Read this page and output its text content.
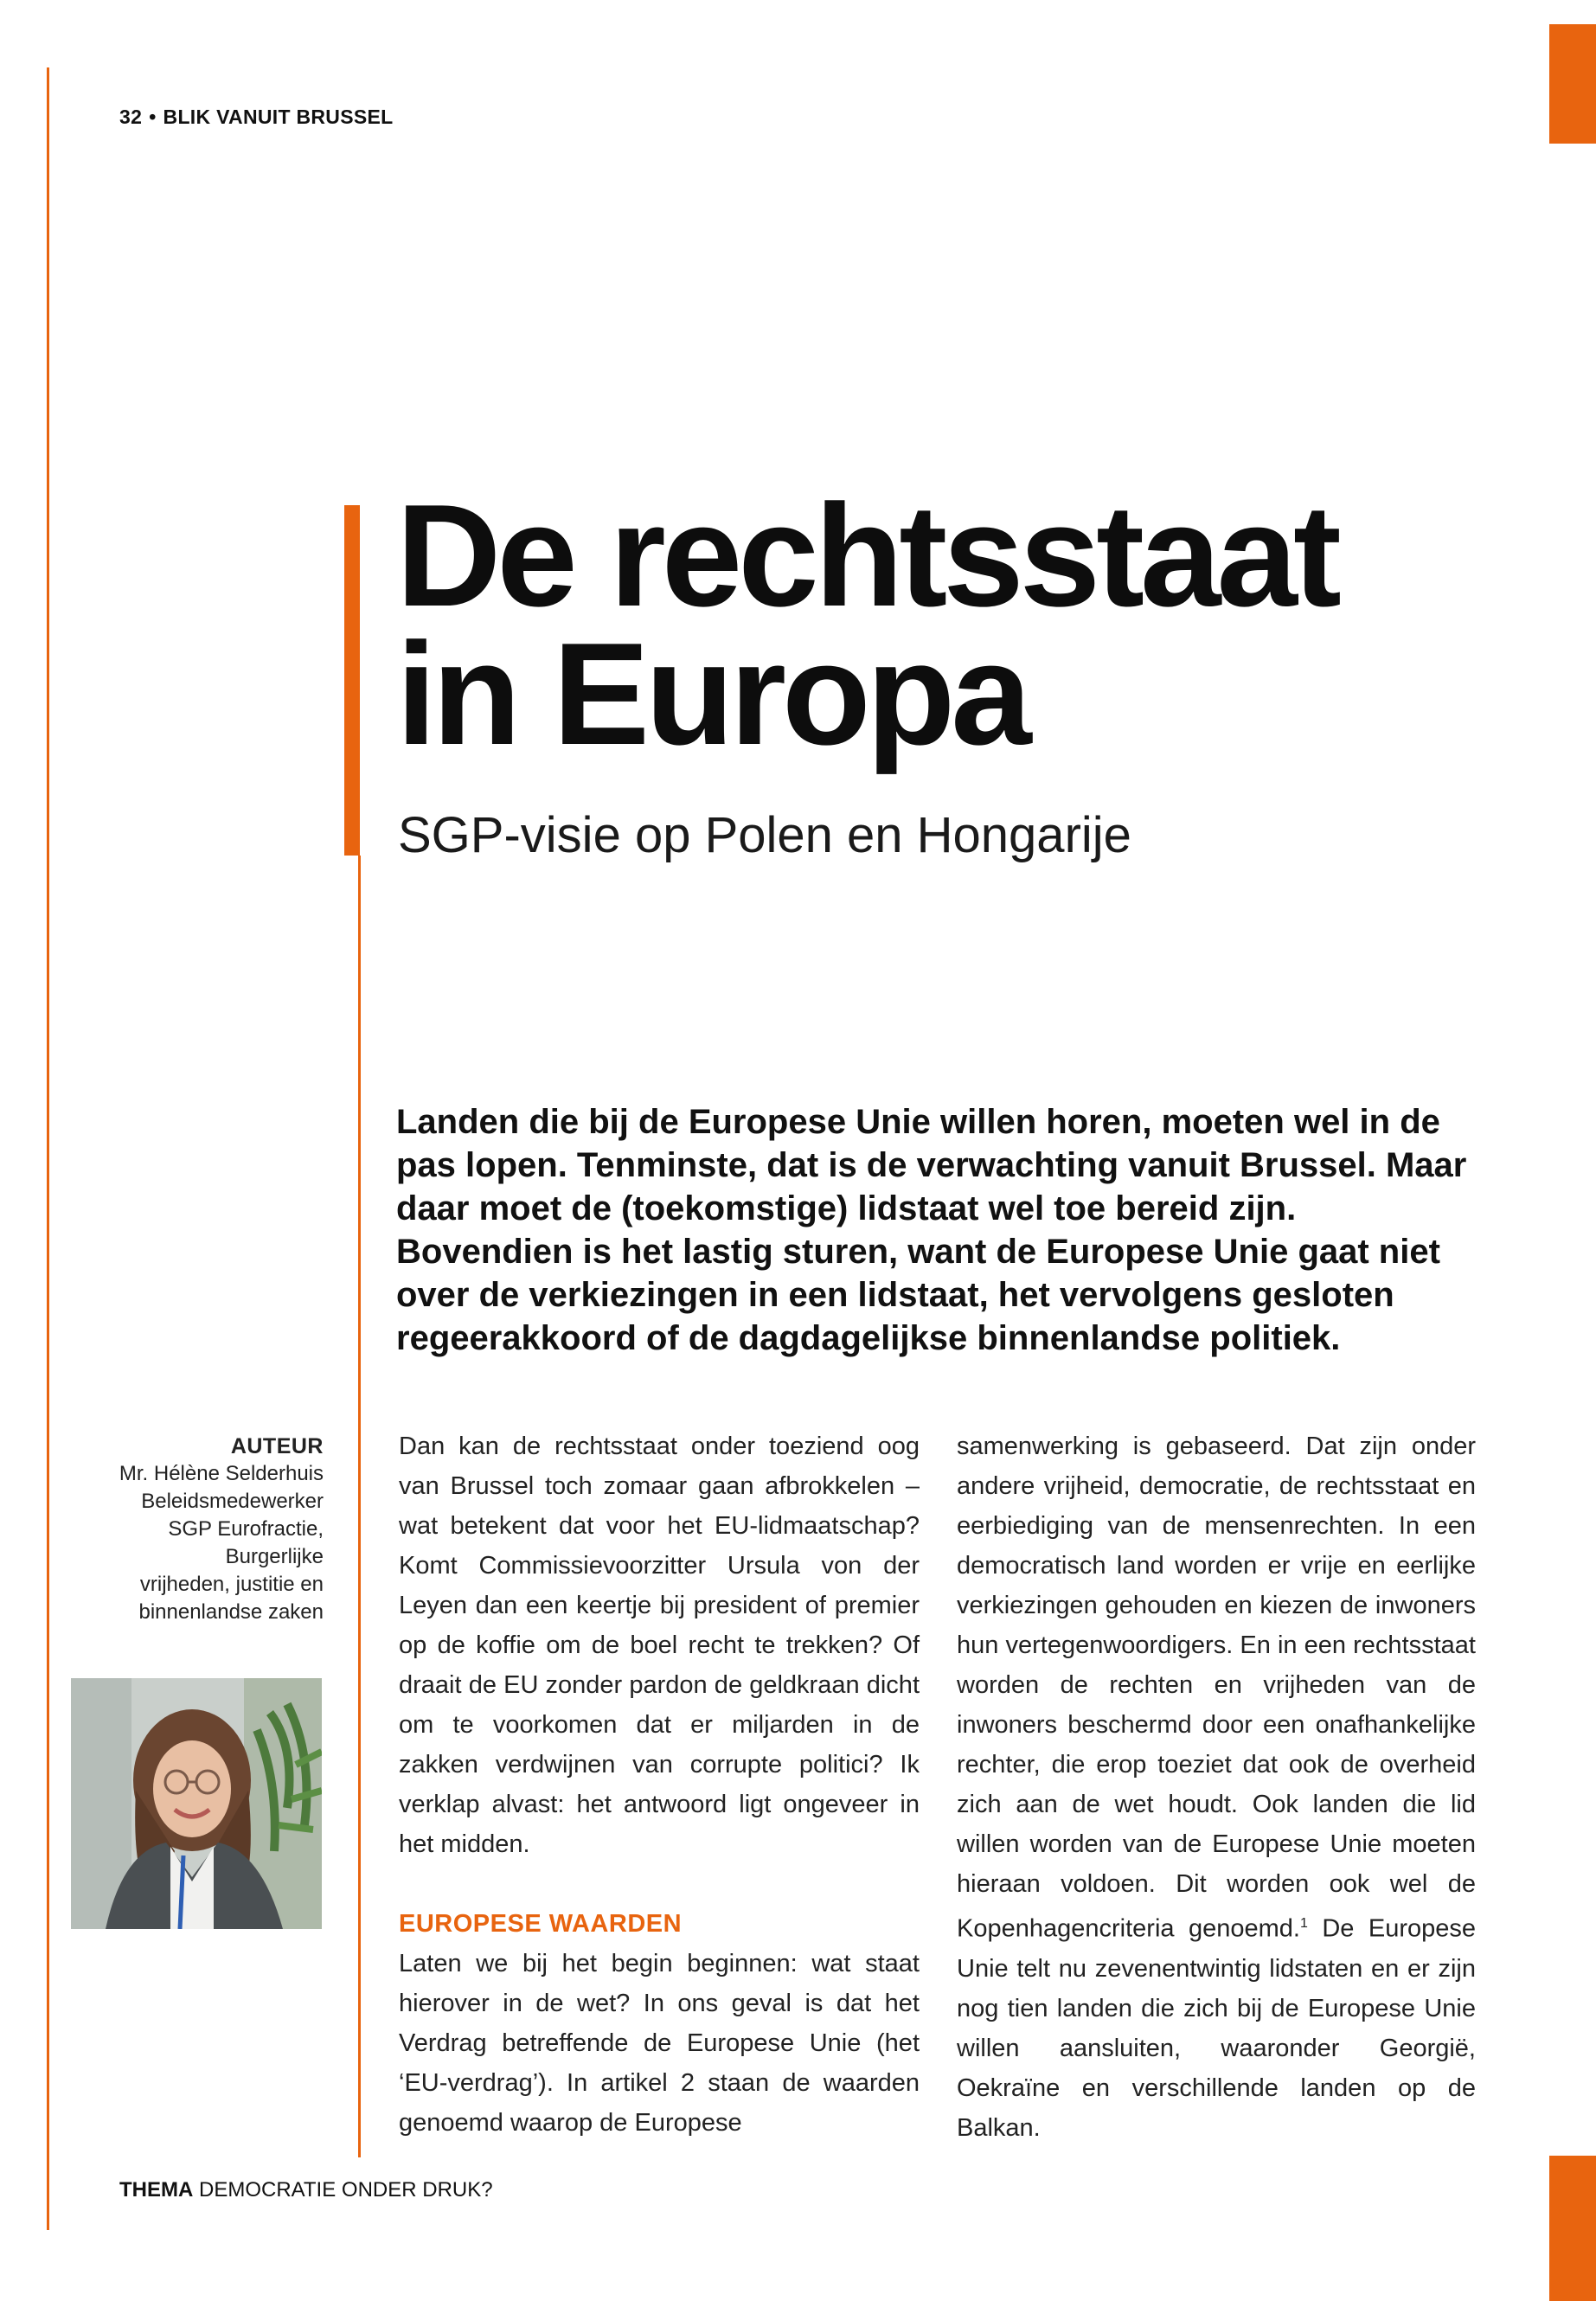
32 • BLIK VANUIT BRUSSEL
De rechtsstaat
in Europa
SGP-visie op Polen en Hongarije
Landen die bij de Europese Unie willen horen, moeten wel in de pas lopen. Tenminste, dat is de verwachting vanuit Brussel. Maar daar moet de (toekomstige) lidstaat wel toe bereid zijn. Bovendien is het lastig sturen, want de Europese Unie gaat niet over de verkiezingen in een lidstaat, het vervolgens gesloten regeerakkoord of de dagdagelijkse binnenlandse politiek.
AUTEUR
Mr. Hélène Selderhuis
Beleidsmedewerker
SGP Eurofractie,
Burgerlijke
vrijheden, justitie en
binnenlandse zaken

Dan kan de rechtsstaat onder toeziend oog van Brussel toch zomaar gaan afbrokkelen – wat betekent dat voor het EU-lidmaatschap? Komt Commissievoorzitter Ursula von der Leyen dan een keertje bij president of premier op de koffie om de boel recht te trekken? Of draait de EU zonder pardon de geldkraan dicht om te voorkomen dat er miljarden in de zakken verdwijnen van corrupte politici? Ik verklap alvast: het antwoord ligt ongeveer in het midden.

EUROPESE WAARDEN
Laten we bij het begin beginnen: wat staat hierover in de wet? In ons geval is dat het Verdrag betreffende de Europese Unie (het ‘EU-verdrag’). In artikel 2 staan de waarden genoemd waarop de Europese

samenwerking is gebaseerd. Dat zijn onder andere vrijheid, democratie, de rechtsstaat en eerbiediging van de mensenrechten. In een democratisch land worden er vrije en eerlijke verkiezingen gehouden en kiezen de inwoners hun vertegenwoordigers. En in een rechtsstaat worden de rechten en vrijheden van de inwoners beschermd door een onafhankelijke rechter, die erop toeziet dat ook de overheid zich aan de wet houdt. Ook landen die lid willen worden van de Europese Unie moeten hieraan voldoen. Dit worden ook wel de Kopenhagencriteria genoemd.$^1$ De Europese Unie telt nu zevenentwintig lidstaten en er zijn nog tien landen die zich bij de Europese Unie willen aansluiten, waaronder Georgië, Oekraïne en verschillende landen op de Balkan.

THEMA DEMOCRATIE ONDER DRUK?
